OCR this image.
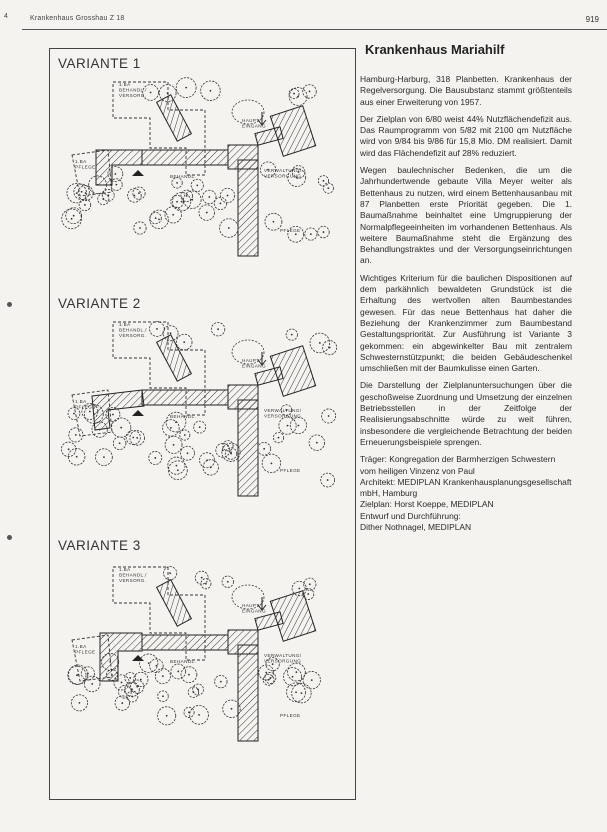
4	Krankenhaus Grosshau Z 18	919
VARIANTE 1
VARIANTE 2
VARIANTE 3
1.BA
BEHANDL./
VERSORG.
HAUPT-
EINGANG
1.BA
PFLEGE
BEHANDL.
VERWALTUNG/
VERSORGUNG
PFLEGE
1.BA
BEHANDL./
VERSORG.
HAUPT-
EINGANG
1.BA
PFLEGE
BEHANDL.
VERWALTUNG/
VERSORGUNG
PFLEGE
1.BA
BEHANDL./
VERSORG.
HAUPT-
EINGANG
1.BA
PFLEGE
BEHANDL.
VERWALTUNG/
VERSORGUNG
PFLEGE
Krankenhaus Mariahilf

Hamburg-Harburg, 318 Planbetten. Krankenhaus der Regelversorgung. Die Bausubstanz stammt größtenteils aus einer Erweiterung von 1957.

Der Zielplan von 6/80 weist 44% Nutzflächendefizit aus. Das Raumprogramm von 5/82 mit 2100 qm Nutzfläche wird von 9/84 bis 9/86 für 15,8 Mio. DM realisiert. Damit wird das Flächendefizit auf 28% reduziert.

Wegen baulechnischer Bedenken, die um die Jahrhundertwende gebaute Villa Meyer weiter als Bettenhaus zu nutzen, wird einem Bettenhausanbau mit 87 Planbetten erste Priorität gegeben. Die 1. Baumaßnahme beinhaltet eine Umgruppierung der Normalpflegeeinheiten im vorhandenen Bettenhaus. Als weitere Baumaßnahme steht die Ergänzung des Behandlungstraktes und der Versorgungseinrichtungen an.

Wichtiges Kriterium für die baulichen Dispositionen auf dem parkähnlich bewaldeten Grundstück ist die Erhaltung des wertvollen alten Baumbestandes gewesen. Für das neue Bettenhaus hat daher die Beziehung der Krankenzimmer zum Baumbestand Gestaltungspriorität. Zur Ausführung ist Variante 3 gekommen: ein abgewinkelter Bau mit zentralem Schwesternstützpunkt; die beiden Gebäudeschenkel umschließen mit der Baumkulisse einen Garten.

Die Darstellung der Zielplanuntersuchungen über die geschoßweise Zuordnung und Umsetzung der einzelnen Betriebsstellen in der Zeitfolge der Realisierungsabschnitte würde zu weit führen, insbesondere die vergleichende Betrachtung der beiden Erneuerungsbeispiele sprengen.

Träger: Kongregation der Barmherzigen Schwestern vom heiligen Vinzenz von Paul

Architekt: MEDIPLAN Krankenhausplanungsgesellschaft mbH, Hamburg

Zielplan: Horst Koeppe, MEDIPLAN

Entwurf und Durchführung:

Dither Nothnagel, MEDIPLAN
